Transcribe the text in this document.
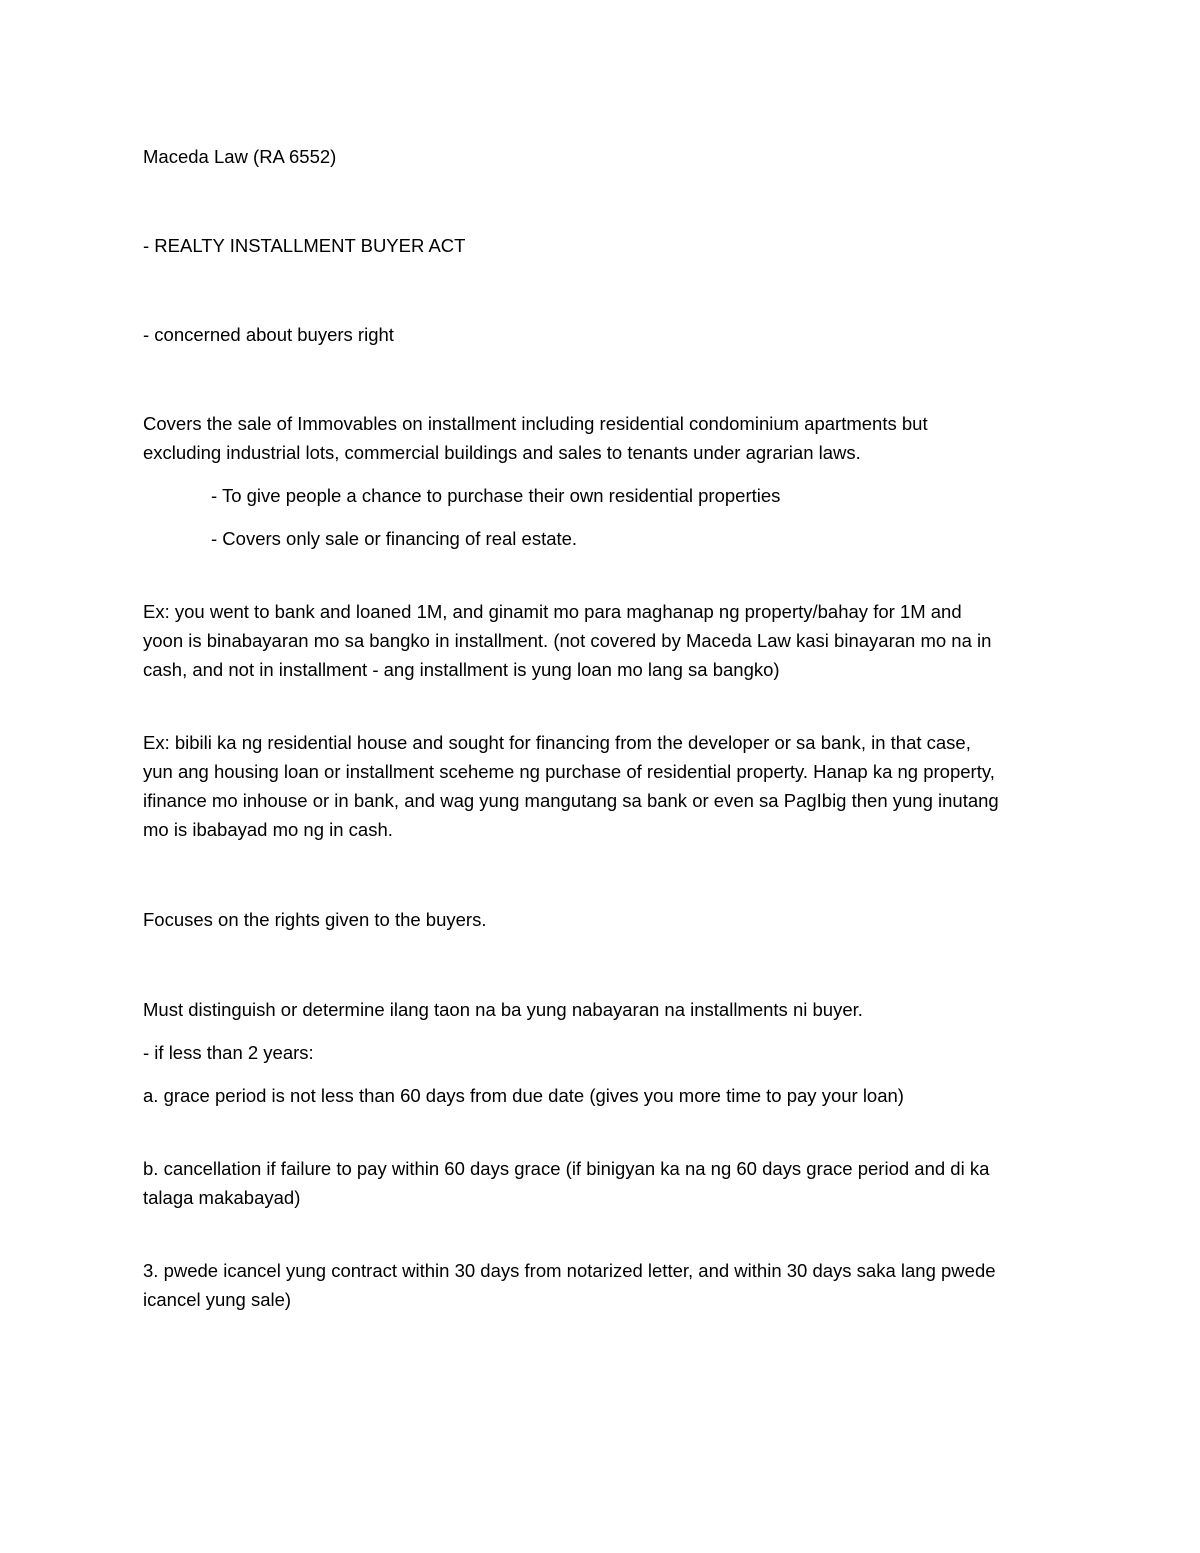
Maceda Law (RA 6552)

- REALTY INSTALLMENT BUYER ACT

- concerned about buyers right

Covers the sale of Immovables on installment including residential condominium apartments but

excluding industrial lots, commercial buildings and sales to tenants under agrarian laws.

- To give people a chance to purchase their own residential properties

- Covers only sale or financing of real estate.

Ex: you went to bank and loaned 1M, and ginamit mo para maghanap ng property/bahay for 1M and

yoon is binabayaran mo sa bangko in installment. (not covered by Maceda Law kasi binayaran mo na in

cash, and not in installment - ang installment is yung loan mo lang sa bangko)

Ex: bibili ka ng residential house and sought for financing from the developer or sa bank, in that case,

yun ang housing loan or installment sceheme ng purchase of residential property. Hanap ka ng property,

ifinance mo inhouse or in bank, and wag yung mangutang sa bank or even sa PagIbig then yung inutang

mo is ibabayad mo ng in cash.

Focuses on the rights given to the buyers.

Must distinguish or determine ilang taon na ba yung nabayaran na installments ni buyer.

- if less than 2 years:

a. grace period is not less than 60 days from due date (gives you more time to pay your loan)

b. cancellation if failure to pay within 60 days grace (if binigyan ka na ng 60 days grace period and di ka

talaga makabayad)

3. pwede icancel yung contract within 30 days from notarized letter, and within 30 days saka lang pwede

icancel yung sale)
